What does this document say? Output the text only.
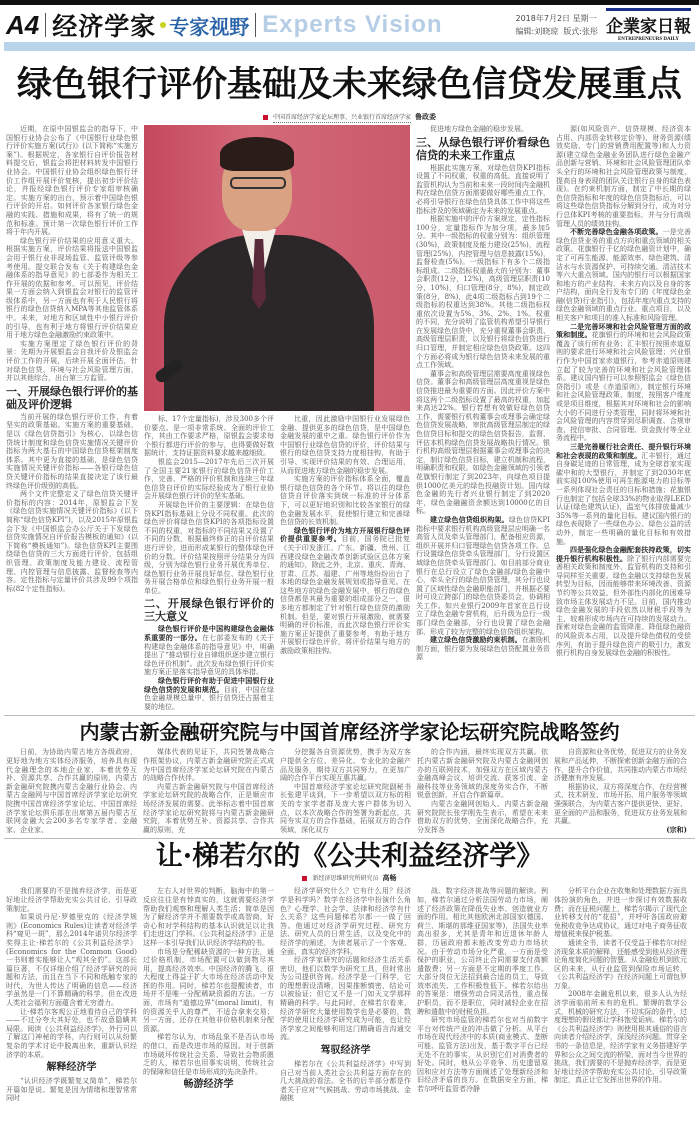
A4 经济学家 专家视野 Experts Vision	2018年7月2日 星期一
编辑:刘晓琼 版式:张彤 企業家日報
ENTREPRENEURS DAILY
绿色银行评价基础及未来绿色信贷发展重点
中国首席经济学家论坛理事、兴业银行首席经济学家 鲁政委

近期，在原中国银监会的指导下，中国银行业协会公布了《中国银行业绿色银行评价实施方案(试行)》(以下简称“实施方案”)。根据规定，各家银行自评价报告材料提交后，银监会将把材料转发中国银行业协会。中国银行业协会组织绿色银行评价工作组开展评价复核，提出初步评价结论，并报经绿色银行评价专家组审核确定。实施方案的出台，预示着中国绿色银行评价的开启。如何评价各家银行绿色金融的实践、措施和成果，将有了统一的规范和标准。预计第一次绿色银行评价工作将于年内开展。

绿色银行评价结果的应用意义重大。根据实施方案，评价结果将报送中国银监会用于银行业非现场监管、监管评级等参考使用。提交联合发布《关于构建绿色金融体系的指导意见》的七部委作为相关工作开展的依据和参考。可以预见，评价结果一方面会纳入到银监会对银行的监管评级体系中，另一方面也有利于人民银行将银行的绿色信贷纳入MPA等其他监管体系中。未来，对地方和区域性中小银行评价的引导，也有利于地方将银行评价结果应用于地方绿色金融激励约束政策中。

实施方案厘定了绿色银行评价的背景：先期为开展银监会自我评价及银监会评价工作的开展，后续开展全面评估，针对绿色信贷、环境与社会风险管理方面，并以其他综合，出台第三方监管。

一、开展绿色银行评价的基础及评价逻辑

当前开展的绿色银行评价工作，有着坚实的政策基础。实施方案的重要基础，是以《绿色信贷指引》为核心，以绿色信贷统计制度和绿色信贷实施情况关键评价指标为两大基石的中国绿色信贷框架制度体系。其中更为直接的基础，是绿色信贷实施情况关键评价指标——各银行绿色信贷关键评价指标的结果直接决定了该行最终绿色评价级别的高低。

两个文件完整定义了绿色信贷关键评价指标的内容：2014年，原银监会下发《绿色信贷实施情况关键评价指标》(以下简称“绿色信贷KPI”)，以及2015年原银监会下发《中国银监会办公厅关于下发绿色信贷实施情况自评价报告模板的通知》(以下简称“模板通知”)。绿色信贷KPI主要围绕绿色信贷的三大方面进行评价，包括组织管理、政策制度及能力建设、流程管理、内控管理与信息披露、监督检查等内容。定性指标与定量评价共涉及99个项指标(82个定性指标)。

标、17个定量指标)，涉及300多个评价要点。是一项非常系统、全面的评价工作，其由工作要求严格，原银监会要求每个银行都进行评价的参与，也得要做好数据统计，支持证据资料要求越来越细致。

银监会2015—2017年先后三次开展了全国主要21家银行的绿色信贷评价工作，完善、严格的评价机制和连续三年绿色信贷自评价的实际经验成为了银行业协会开展绿色银行评价的坚实基础。

开展绿色评价的主要逻辑：在绿色信贷KPI指标基础上分设不同权重。此次的绿色评价将绿色信贷KPI的各项指标设置不同的权重，对指标的不同结果又设置了不同的分数，根据最终修正的自评价结果进行评价，进而形成某银行的整体绿色评价的分数。评价结果按照评分结果分为四级，分别为绿色银行业务开展优秀单位、绿色银行业务开展良好单位、绿色银行业务开展合格单位和绿色银行业务开展一般单位。

二、开展绿色银行评价的三大意义

绿色银行评价是中国构建绿色金融体系重要的一部分。在七部委发布的《关于构建绿色金融体系的指导意见》中，明确提出了“推动银行业自律组织逐步建立银行绿色评价机制”。此次发布绿色银行评价实施方案正是落实指导意见的具体举措。

绿色银行评价有助于促进中国银行业绿色信贷的发展和规范。目前，中国在绿色金融规模总量中，银行信贷还占据着主要的地位。

比重，因此激励中国银行业发展绿色金融、提供更多的绿色信贷，是中国绿色金融发展的重中之重。绿色银行评价作为中国银行业绿色信贷的评价，评价结果与银行的绿色信贷支持力度相挂钩，有助于引导、实现评价结果的有效、合理运用，从而促进地方绿色金融的稳步发展。

实施方案的评价指标体系全面，覆盖银行绿色信贷的各个环节。将以往的绿色信贷自评价落实到统一标准的评分体系下，可以更好地识别和比较各家银行的绿色金融发展水平，促使银行建立和完善绿色信贷的长效机制。

绿色银行评价为地方开展银行绿色评价提供重要参考。目前，国务院已批复《关于印发浙江、广东、新疆、贵州、江西建设绿色金融改革创新试验区总体方案的通知》，除此之外，北京、重庆、青海、甘肃、江苏、福建、广州等地纷纷出台了本地的绿色金融发展规划或指导意见。在这些地方的绿色金融发展中，银行的绿色信贷都是其最为重要的组成部分之一，很多地方都制定了针对银行绿色信贷的激励机制。但是，要对银行开展激励，就需要明确的评价标准，而此次绿色银行评价实施方案正好提供了重要参考，有助于地方开展银行绿色评价，将评价结果与地方的激励政策相挂钩。

促进地方绿色金融的稳步发展。

三、从绿色银行评价看绿色信贷的未来工作重点

根据此实施方案，对绿色信贷KPI指标设置了不同权重，权重的高低，直接说明了监管机构认为当前和未来一段时间内金融机构在绿色信贷方面需要做好哪些重点工作，必将引导银行在绿色信贷具体工作中将这些指标涉及的领域确定为未来的发展重点。

根据实施中的评价方案规定，定性指标100分，定量指标作为加分项，最多加5分。其中一级指标的权重分别为：组织管理(30%)，政策制度及能力建设(25%)，流程管理(25%)，内控管理与信息披露(15%)，监督检查(5%)。一级指标下有多个二级指标组成。二级指标权重最大的分别为：董事会职责(12分，12%)，高级管理层职责(10分，10%)，归口管理(8分，8%)，制定政策(8分，8%)，此4项二级指标占到19个二级指标的权重达到38%。其他二级指标权重依次设置为5%、3%、2%、1%。权重的不同，充分说明了监管机构希望引导银行在发展绿色信贷中，充分重视董事会职责、高级管理层职责，以及银行将绿色信贷进行归口管理，并制定相应绿色信贷政策。这四个方面必将成为银行绿色信贷未来发展的重点工作领域。

董事会和高级管理层需要高度重视绿色信贷。董事会和高级管理层高度重视是绿色信贷推进最为重要的方面。因此评价方案中将这两个二级指标设置了最高的权重，加起来高达22%。银行若想有效做好绿色信贷工作，需要银行机构董事会或理事会确定绿色信贷发展战略，审批高级管理层制定的绿色信贷目标和提交的绿色信贷报告，监督、评估本机构绿色信贷发展战略执行情况。银行机构高级管理层根据董事会或理事会的决定，制订绿色信贷目标，建立机制和流程，明确职责和权限。如绿色金融领域的引领者花旗银行制定了到2023年，向绿色项目提供1000亿美元的绿色投融资计划。国内绿色金融的先行者兴业银行制定了到2020年，绿色金融融资余额达到10000亿的目标。

建立绿色信贷组织构架。绿色信贷KPI指标中要求银行机构高级管理层应明确一名高管人员及牵头管理部门，配备相应资源，组织开展并归口管理绿色信贷各项工作。总行设置绿色信贷牵头管理部门，分行设置区域绿色信贷牵头管理部门。如目前部分商业银行在总行设立了绿色金融部/绿色金融中心，牵头全行的绿色信贷管理，其分行也设置了区域性绿色金融职能部门，并根据必要时可设立跨部门的绿色信贷委员会，协调相关工作。如兴业银行2009年首家在总行设立了绿色金融专营机构，后升级为总行一级部门绿色金融部，分行也设置了绿色金融部，形成了较为完整的绿色信贷组织架构。

建立绿色信贷激励约束机制。在激励机制方面，银行要为发展绿色信贷配置业务资源

源(如风险资产、信贷规模、经济资本占用、内部资金转移定价等)、财务资源(绩效奖励、专门的营销费用配置等)和人力资源(建立绿色金融业务团队进行绿色金融产品创新与营销、环境和社会风险管理团队牵头全行的环境和社会风险管理政策与制度，提高自身表现的团队关注银行自身的绿色表现)。在约束机制方面，制定了中长期的绿色信贷指标和年度的绿色信贷指标后，可以将这些绿色信贷指标分解到分行，成为对分行总体KPI考核的重要指标，并与分行高级管理人员的绩效挂钩。

不断完善绿色金融各项政策。一是完善绿色信贷业务的重点方向和重点领域的相关政策。花旗银行千亿的绿色融资计划中，确定了可再生能源、能源效率、绿色建筑、清洁水与水资源保护、可持续交通、清洁技术等六大重点领域。国内的银行可以根据国家和地方的产业结构、未来方向以及自身的客户结构，面向全行发布专门的《年度绿色金融(信贷)行业指引》，包括年度内重点支持的绿色金融领域的重点行业、重点项目，以及相关客户和项目的准入标准和风险管理。

二是完善环境和社会风险管理方面的政策和制度。花旗银行的环境和社会风险政策覆盖了该行所有业务；汇丰银行按照赤道原则的要求进行环境和社会风险管理；兴业银行作为中国首家赤道银行，参考赤道原则建立起了较为完善的环境和社会风险管理体系。建议国内银行可以参照银监会《绿色信贷指引》或是《赤道原则》，制定银行环境和社会风险管理政策、制度，按照客户维度或是项目维度，根据其对环境和社会的影响大小的不同进行分类管理，同时将环境和社会风险管理的内容贯穿到尽职调查、合规审查、授信审批、合同管理、资金拨付等全业务流程中。

三是完善履行社会责任、提升银行环境和社会表现的政策和制度。汇丰银行，通过自身碳足迹的日常管理，成为全球首家实现碳中和的大型银行，并制定了到2030年底前实现100%使用可再生能源电力的目标等一系列体现社会责任的目标和措施；花旗银行也制定了包括全球33%的物业取得LEED认证(绿色建筑认证)，温室气体排放量减少35%等一系列的量化目标。建议国内银行的绿色表现除了一些绿色办公、绿色公益的活动外，制定一些明确的量化目标和有效措施。

四是强化绿色金融配套扶持政策，切实提升银行机构积极性。除了银行内部需要完善相关政策和制度外，监管机构的支持和引导同样至关重要。绿色金融以支持绿色发展转型为目标，因而能够带来环境改善、资源节约等公共效益，但外部性内部化的困难导致市场主体发展动力不足。目前，国内推动绿色金融发展的手段依然以财税手段等为主，较难形成市场内在可持续的发展动力。探索对绿色金融的监管降准、降低绿色融资的风险资本占用，以及提升绿色债权的受偿序列，有助于提升绿色资产的吸引力，激发银行机构自身发展绿色金融的积极性。

内蒙古新金融研究院与中国首席经济学家论坛研究院战略签约

日前，为协助内蒙古地方各级政府，更好地为地方实体经济服务，培养具有现代金融理念的本地企业家，本着优势互补、资源共享、合作共赢的原则，内蒙古新金融研究院携内蒙古金融行业协会、内蒙古金融网与中国首席经济学家论坛研究院携中国首席经济学家论坛、中国首席经济学家论坛俱乐部在出席第五届内蒙古互联网金融大会200多名专家学者、金融家、企业家、

媒体代表的见证下，共同签署战略合作框架协议，内蒙古新金融研究院正式成为中国首席经济学家论坛研究院在内蒙古的战略合作伙伴。

内蒙古新金融研究院与中国首席经济学家论坛研究院的战略合作，正是顺应市场经济发展的需要。此举标志着中国首席经济学家论坛研究院将与内蒙古新金融研究院，本着优势互补、资源共享、合作共赢的原则，充

分挖掘各自资源优势，携手为双方客户提供全方位、差异化、专业化的金融产品及服务，期待双方共同努力，在更加广阔的合作平台实现互惠共赢。

中国首席经济学家论坛研究院副秘书长张建平谈到，下一步希望以双方标的相关的专家学者群及庞大客户群体为切入点，以本次战略合作的签署为新起点，共同夯实双方的合作基础，拓展双方的合作领域，深化双方

的合作内涵，最终实现双方共赢。依托内蒙古新金融研究院及内蒙古金融网创办的互联网技术，加强双方在区域内蒙古金融高峰会议、培训交流、获客引流、金融科技等业务领域的深度务实合作，不断锐意创新，开启合作新篇章。

内蒙古金融网创始人、内蒙古新金融研究院院长张学刚先生表示，希望在未来借助双方的优势，全面深化战略合作，充分发挥各

自资源和业务优势，促进双方的业务发展和产品延伸，不断探索创新金融方面的合作，提升合作价值，共同推动内蒙古市场经济健康有序发展。

根据协议，双方将深度合作，在经营模式、技术研发、市场开拓、用户服务等领域强强联合，为内蒙古客户提供更快、更好、更全面的产品和服务，促进双方业务发展和共赢。

(宗和)
让·梯若尔的《公共利益经济学》
新经济思维研究所研究员 高畅

我们需要的不是抛弃经济学，而是更好地让经济学帮助充实公共讨论、引导政策制定。

如果说丹尼·罗德里克的《经济学规则》(Economics Rules)让读者对经济学科“窥见一斑”，那么2014年诺贝尔经济学奖得主让·梯若尔的《公共利益经济学》(Economics for the Common Good)一书则着实能够让人“观其全豹”。这部长篇巨著，不仅详细介绍了经济学研究的问题和方法，而且在当下不同和纸触专家的时代，为世人传达了明确的信息——经济学虽然是一门不算精确的科学，但在改进人类社会福利方面蕴含着无穷潜力。

让·梯若尔客观公正地看待自己的学科——不过分夸大其好处，也不故意隐瞒其局限。阅读《公共利益经济学》，外行可以了解这门神秘的学科，内行则可以从纷繁复杂的学术讨论中脱离出来，重新认识经济学的本质。

解释经济学

“认识经济学既繁复又简单”，梯若尔开篇如是说。繁复是因为情绪和理智常常同时

左右人对世界的判断，脑海中的第一反应往往是有悖真实的，这就需要经济学帮助我们观察和理解人类生活；简单是因为了解经济学并不需要数学或高智商，好奇心和对学科结构的基本认识就足以让我们走进这门学科。《公共利益经济学》正是这样一本引导我们认识经济学结构的书。

市场是分配稀缺资源的一种方法，通过价格机制，市场配置可以做到物尽其用，提高经济效率。中国经济的腾飞，很大程度上得益于扩大市场在经济活动中发挥的作用。同时，梯若尔也提醒读者，市场并不是唯一分配稀缺资源的方法。一方面，市场有“道德边界”(moral limit)，有的资源关乎人的尊严，不适合拿来交易；另一方面，还存在其他非价格机制来分配资源。

梯若尔认为，市场乱象不是否认市场的借口，而是改进市场的原因。对于创新市场破坏传统社会关系、导致社会物质匮乏的人，梯若尔也用事实说明，传统社会的保障和信任是市场形成的先决条件。

畅游经济学

经济学研究什么？它有什么用？经济学是科学吗？数学在经济学中扮演什么角色？心理学、社会学、法律和经济学有什么关系？这些问题梯若尔都一一做了回答。他通过对经济学研究过程、研究方法、研究人员的日常生活，以及变化中的经济学的阐述，为读者展示了一个客观、全面、真实的经济学科。

经济学家研究的话题和经济生活关系密切，他们以数学为研究工具，但时常出为公司提供咨询。经济学是一门科学，它的理想假设清晰，因果推断慎密，结论可以被验证；但它又不是一门如天文学那样精确的科学。与此同时，在梯若尔看来，经济学研究大量使用数学也是必要的，数学的使用让经济学研究成为可能，也让经济学家之间能够利用这门精确语言沟通交流。

驾驭经济学

梯若尔在《公共利益经济学》中写到自己对当前人类社会公共利益方面存在的几大挑战的看法。全书的后半部分都是作者关于应对“气候挑战、劳动市场挑战、金融挑

战、数字经济挑战等问题的解读。例如，梯若尔通过分析法国劳动力市场，阐述了经济政策在降低失业率、创造就业方面的作用。相比其他欧洲北部国家(德国、荷兰、斯堪的那维亚国家等)，法国失业率高出很多，尤其是青年和近退休年龄人群，历届政府都未能改变劳动力市场状况。由于劳动市场分化严重，一方面是受保护的职业，公司终止合同需要支付高额遣散费；另一方面是不定期的季度工作。大部分岗位无法招到最合适的员工，导致效率流失、工作积极性低下。梯若尔给出的答案是：增强劳动合同灵活性，重点保护职员，而不是职位，同时减轻企业在招聘和遣散中的财税负担。

研究市场监管的梯若尔也对当前数字平台对传统产业的冲击做了分析。从平台市场在现代经济中的本质(商业模式、垄断可能、监管方法)出发，基于数字平台已经无处不在的事实，从识别它们对消费者的好处。同时，他从公平竞争、历史遗留原因和应对方法等方面阐述了处理新经济和旧经济矛盾的良方。在数据安全方面，梯若尔呼吁监管者冷静

分析平台企业在收集和处理数据方面具体扮演的角色，并进一步探讨有效数据收费；而在征税问题上，梯若尔揭示了现代企业转移支付的“花招”，并呼吁各国政府避免税收竞争达成协议，通过对电子商务征收增值税来保护税基。

通读全书，读者不仅受益于梯若尔对经济现象本质的解释，还能感受到他从经济理论角度简化问题的智慧。从金融危机到欧元区的未来，从行业监管到保险市场运转，《公共利益经济学》在经济问题上可谓包罗万象。

2008年金融危机以来，很多人认为经济学面临前所未有的危机。繁缛的数学公式，机械的研究方法，不切实际的条件，过度理想的假设都让学科饱受诟病。梯若尔的《公共利益经济学》则使用极其通俗的语言向读者介绍经济学，深浅经济问题。贯穿全书的一条信息是，经济学家有义务搭建好学界和公众之间交流的桥梁，面对当今世界的挑战，我们需要的不是抛弃经济学，而是更好地让经济学帮助充实公共讨论、引导政策制定，真正让它发挥出世界的作用。
